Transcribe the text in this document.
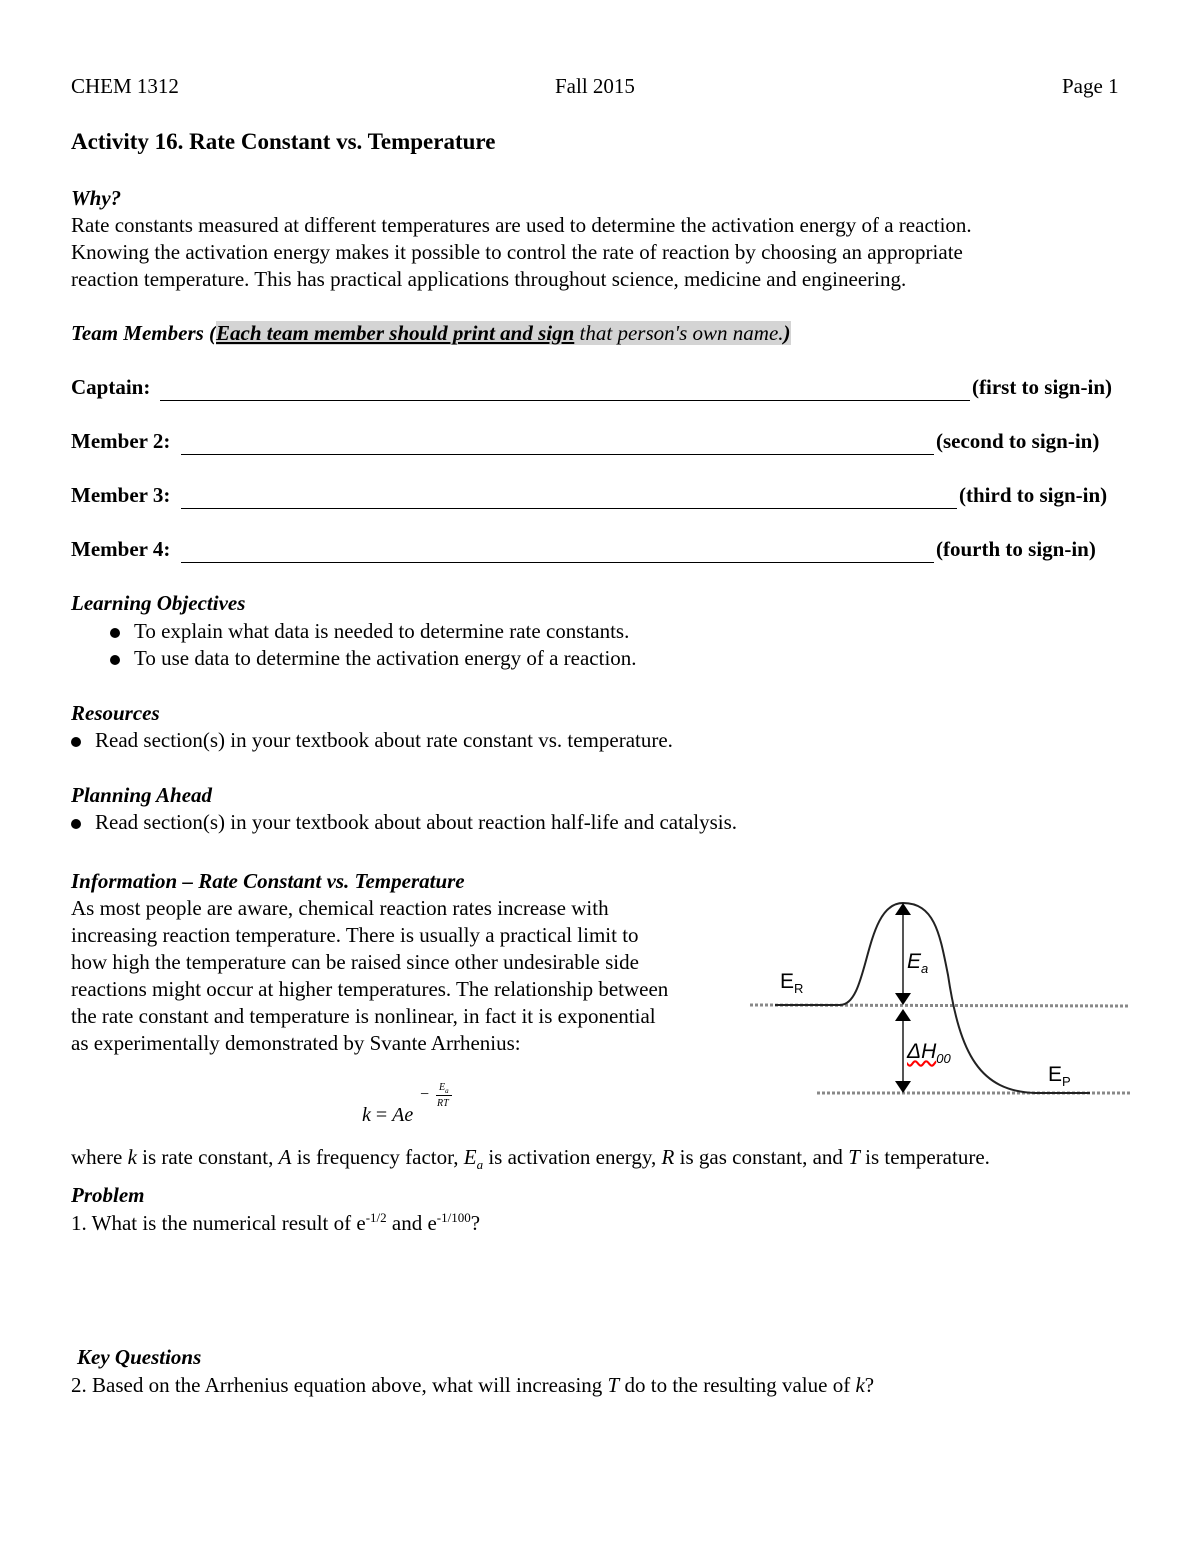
CHEM 1312	Fall 2015	Page 1
Activity 16. Rate Constant vs. Temperature
Why?
Rate constants measured at different temperatures are used to determine the activation energy of a reaction.
Knowing the activation energy makes it possible to control the rate of reaction by choosing an appropriate
reaction temperature. This has practical applications throughout science, medicine and engineering.
Team Members (Each team member should print and sign that person's own name.)
Captain:	(first to sign-in)
Member 2:	(second to sign-in)
Member 3:	(third to sign-in)
Member 4:	(fourth to sign-in)
Learning Objectives
To explain what data is needed to determine rate constants.
To use data to determine the activation energy of a reaction.
Resources
Read section(s) in your textbook about rate constant vs. temperature.
Planning Ahead
Read section(s) in your textbook about about reaction half-life and catalysis.
Information – Rate Constant vs. Temperature
As most people are aware, chemical reaction rates increase with
increasing reaction temperature. There is usually a practical limit to
how high the temperature can be raised since other undesirable side
reactions might occur at higher temperatures. The relationship between
the rate constant and temperature is nonlinear, in fact it is exponential
as experimentally demonstrated by Svante Arrhenius:
k = Ae
− $E_a$
RT
$E_R$
$E_a$
$\Delta H_{00}$
$E_P$
where k is rate constant, A is frequency factor, $E_a$ is activation energy, R is gas constant, and T is temperature.
Problem
1. What is the numerical result of $e^{-1/2}$ and $e^{-1/100}$?
Key Questions
2. Based on the Arrhenius equation above, what will increasing T do to the resulting value of k?
